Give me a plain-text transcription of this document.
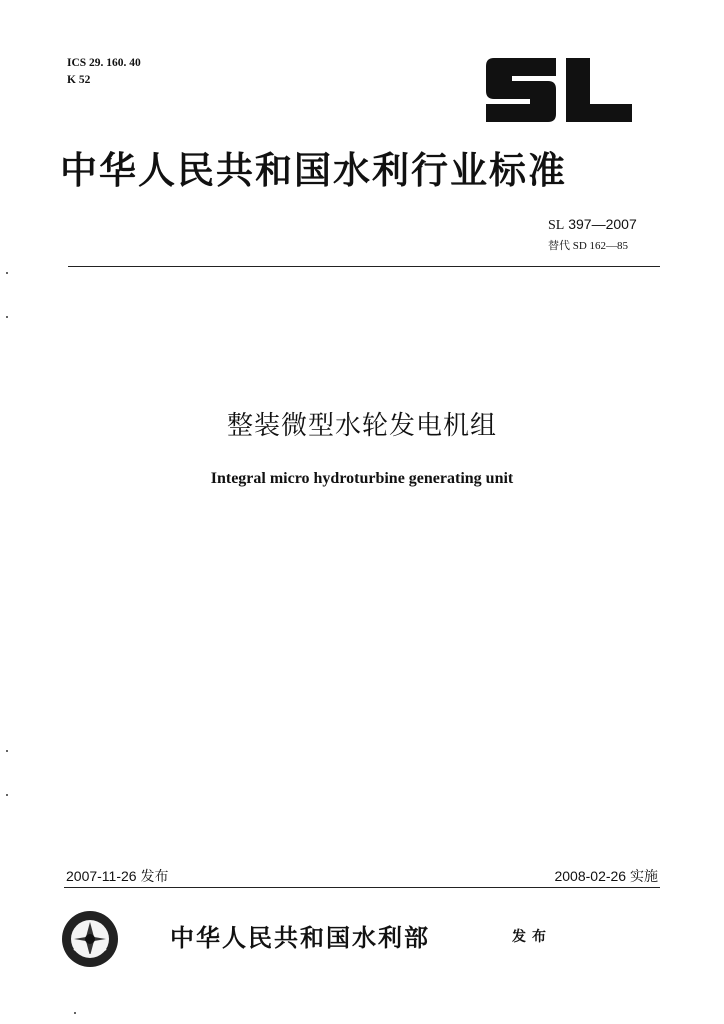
ICS 29. 160. 40
K 52
中华人民共和国水利行业标准
SL 397—2007
替代 SD 162—85
整装微型水轮发电机组
Integral micro hydroturbine generating unit
2007-11-26 发布	2008-02-26 实施
中华人民共和国水利部	发布
